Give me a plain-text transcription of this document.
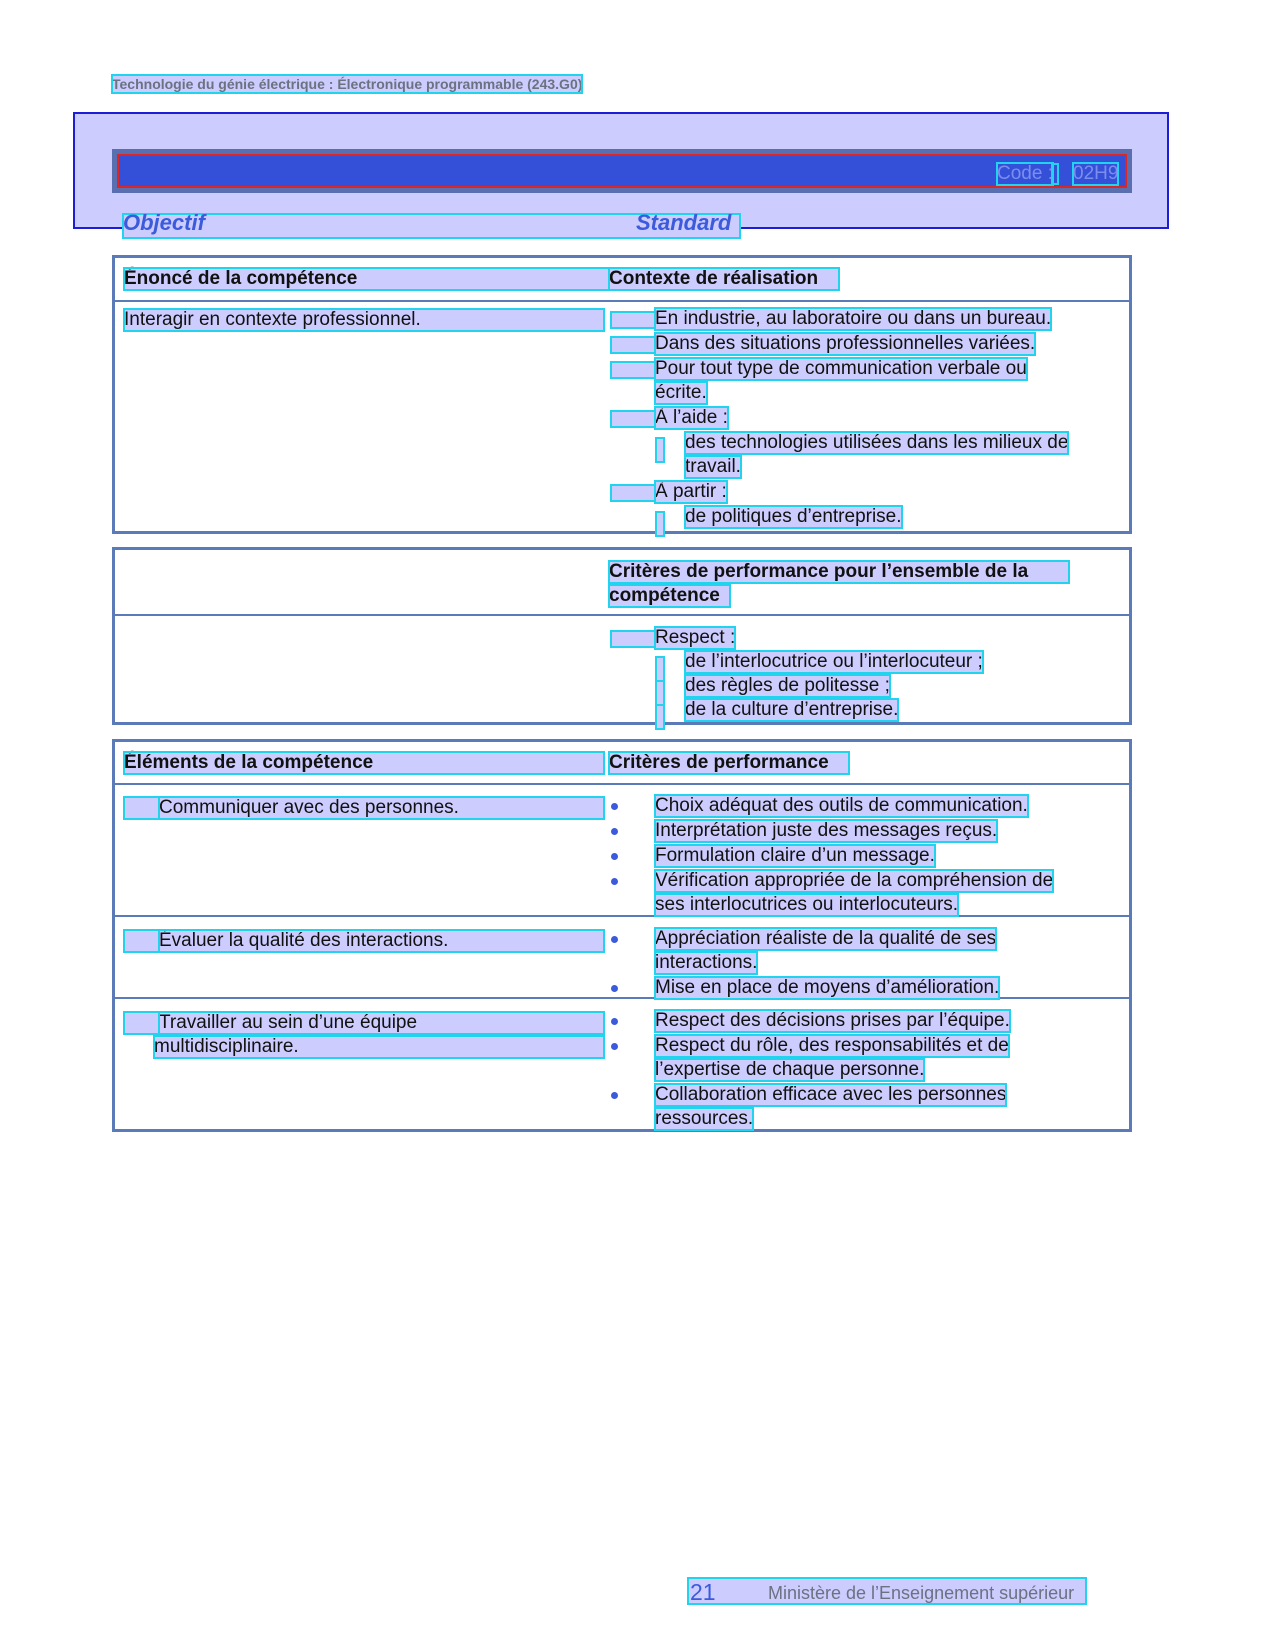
Technologie du génie électrique : Électronique programmable (243.G0)
Code : 02H9
Objectif	Standard
Énoncé de la compétence	Contexte de réalisation
Interagir en contexte professionnel.	En industrie, au laboratoire ou dans un bureau.
Dans des situations professionnelles variées.
Pour tout type de communication verbale ou
écrite.
À l’aide :
des technologies utilisées dans les milieux de
travail.
À partir :
de politiques d’entreprise.
Critères de performance pour l’ensemble de la
compétence
Respect :
de l’interlocutrice ou l’interlocuteur ;
des règles de politesse ;
de la culture d’entreprise.
Éléments de la compétence	Critères de performance
Communiquer avec des personnes.	Choix adéquat des outils de communication.
Interprétation juste des messages reçus.
Formulation claire d’un message.
Vérification appropriée de la compréhension de
ses interlocutrices ou interlocuteurs.
Évaluer la qualité des interactions.	Appréciation réaliste de la qualité de ses
interactions.
Mise en place de moyens d’amélioration.
Travailler au sein d’une équipe
multidisciplinaire.
Respect des décisions prises par l’équipe.
Respect du rôle, des responsabilités et de
l’expertise de chaque personne.
Collaboration efficace avec les personnes
ressources.
21	Ministère de l’Enseignement supérieur
